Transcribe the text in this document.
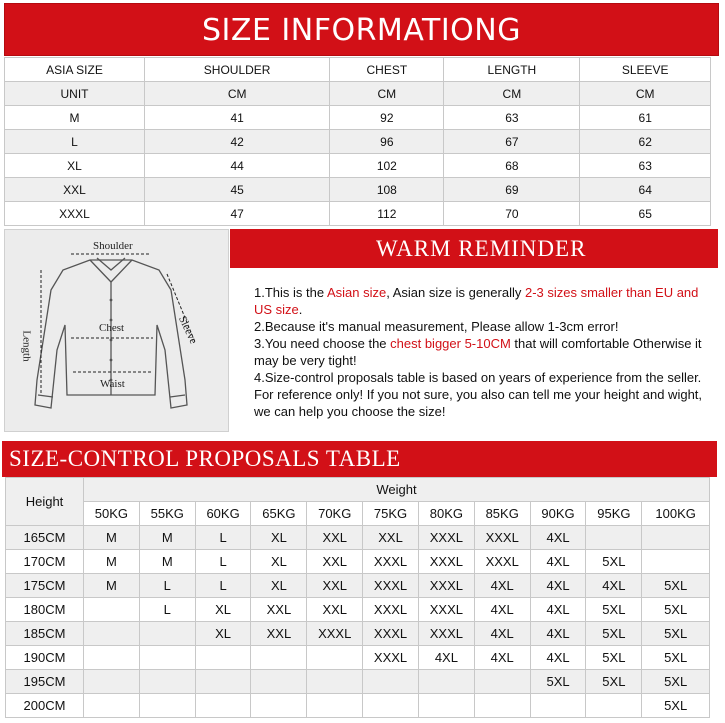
SIZE INFORMATIONG
ASIA SIZE	SHOULDER	CHEST	LENGTH	SLEEVE
UNIT	CM	CM	CM	CM
M	41	92	63	61
L	42	96	67	62
XL	44	102	68	63
XXL	45	108	69	64
XXXL	47	112	70	65
Shoulder
Chest
Waist
Length
Sleeve
WARM REMINDER
1.This is the Asian size, Asian size is generally 2-3 sizes smaller than EU and US size.
2.Because it's manual measurement, Please allow 1-3cm error!
3.You need choose the chest bigger 5-10CM that will comfortable Otherwise it may be very tight!
4.Size-control proposals table is based on years of experience from the seller. For reference only! If you not sure, you also can tell me your height and wight, we can help you choose the size!
SIZE-CONTROL PROPOSALS TABLE
Height	Weight										
	50KG	55KG	60KG	65KG	70KG	75KG	80KG	85KG	90KG	95KG	100KG
165CM	M	M	L	XL	XXL	XXL	XXXL	XXXL	4XL		
170CM	M	M	L	XL	XXL	XXXL	XXXL	XXXL	4XL	5XL	
175CM	M	L	L	XL	XXL	XXXL	XXXL	4XL	4XL	4XL	5XL
180CM		L	XL	XXL	XXL	XXXL	XXXL	4XL	4XL	5XL	5XL
185CM			XL	XXL	XXXL	XXXL	XXXL	4XL	4XL	5XL	5XL
190CM						XXXL	4XL	4XL	4XL	5XL	5XL
195CM									5XL	5XL	5XL
200CM											5XL
